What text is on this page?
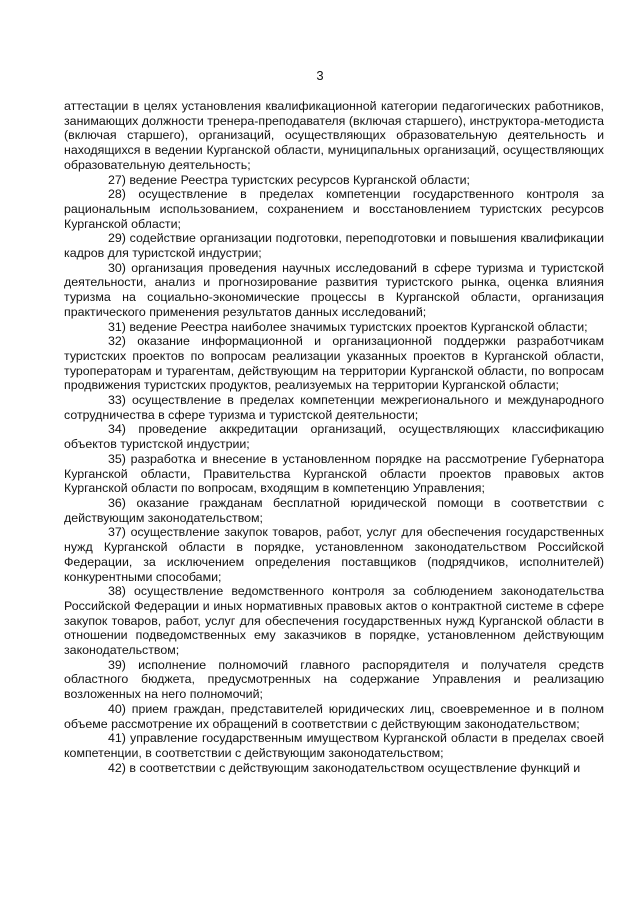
3

аттестации в целях установления квалификационной категории педагогических работников, занимающих должности тренера-преподавателя (включая старшего), инструктора-методиста (включая старшего), организаций, осуществляющих образовательную деятельность и находящихся в ведении Курганской области, муниципальных организаций, осуществляющих образовательную деятельность;

27) ведение Реестра туристских ресурсов Курганской области;

28) осуществление в пределах компетенции государственного контроля за рациональным использованием, сохранением и восстановлением туристских ресурсов Курганской области;

29) содействие организации подготовки, переподготовки и повышения квалификации кадров для туристской индустрии;

30) организация проведения научных исследований в сфере туризма и туристской деятельности, анализ и прогнозирование развития туристского рынка, оценка влияния туризма на социально-экономические процессы в Курганской области, организация практического применения результатов данных исследований;

31) ведение Реестра наиболее значимых туристских проектов Курганской области;

32) оказание информационной и организационной поддержки разработчикам туристских проектов по вопросам реализации указанных проектов в Курганской области, туроператорам и турагентам, действующим на территории Курганской области, по вопросам продвижения туристских продуктов, реализуемых на территории Курганской области;

33) осуществление в пределах компетенции межрегионального и международного сотрудничества в сфере туризма и туристской деятельности;

34) проведение аккредитации организаций, осуществляющих классификацию объектов туристской индустрии;

35) разработка и внесение в установленном порядке на рассмотрение Губернатора Курганской области, Правительства Курганской области проектов правовых актов Курганской области по вопросам, входящим в компетенцию Управления;

36) оказание гражданам бесплатной юридической помощи в соответствии с действующим законодательством;

37) осуществление закупок товаров, работ, услуг для обеспечения государственных нужд Курганской области в порядке, установленном законодательством Российской Федерации, за исключением определения поставщиков (подрядчиков, исполнителей) конкурентными способами;

38) осуществление ведомственного контроля за соблюдением законодательства Российской Федерации и иных нормативных правовых актов о контрактной системе в сфере закупок товаров, работ, услуг для обеспечения государственных нужд Курганской области в отношении подведомственных ему заказчиков в порядке, установленном действующим законодательством;

39) исполнение полномочий главного распорядителя и получателя средств областного бюджета, предусмотренных на содержание Управления и реализацию возложенных на него полномочий;

40) прием граждан, представителей юридических лиц, своевременное и в полном объеме рассмотрение их обращений в соответствии с действующим законодательством;

41) управление государственным имуществом Курганской области в пределах своей компетенции, в соответствии с действующим законодательством;

42) в соответствии с действующим законодательством осуществление функций и
